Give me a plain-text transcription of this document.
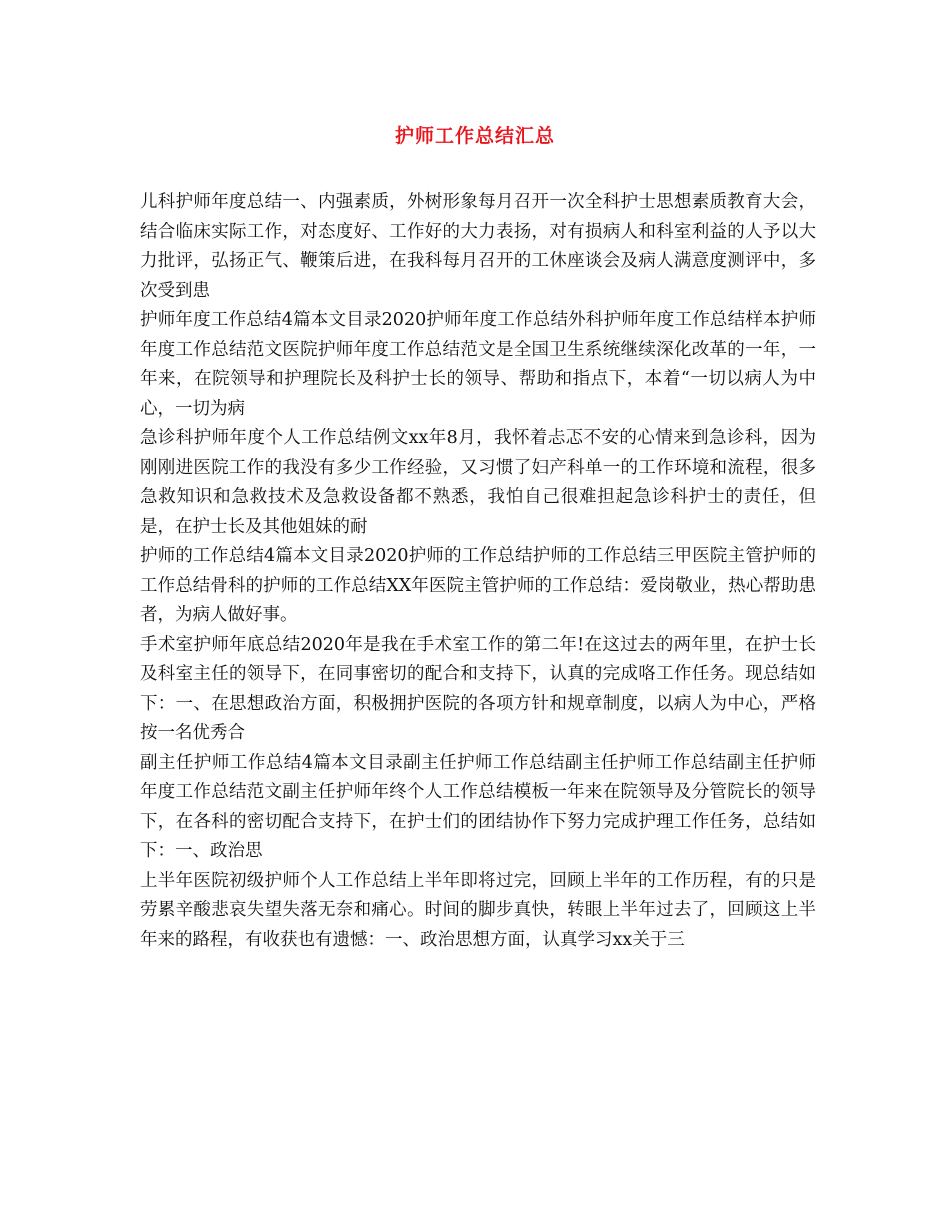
护师工作总结汇总

儿科护师年度总结一、内强素质，外树形象每月召开一次全科护士思想素质教育大会，结合临床实际工作，对态度好、工作好的大力表扬，对有损病人和科室利益的人予以大力批评，弘扬正气、鞭策后进，在我科每月召开的工休座谈会及病人满意度测评中，多次受到患

护师年度工作总结4篇本文目录2020护师年度工作总结外科护师年度工作总结样本护师年度工作总结范文医院护师年度工作总结范文是全国卫生系统继续深化改革的一年，一年来，在院领导和护理院长及科护士长的领导、帮助和指点下，本着“一切以病人为中心，一切为病

急诊科护师年度个人工作总结例文xx年8月，我怀着忐忑不安的心情来到急诊科，因为刚刚进医院工作的我没有多少工作经验，又习惯了妇产科单一的工作环境和流程，很多急救知识和急救技术及急救设备都不熟悉，我怕自己很难担起急诊科护士的责任，但是，在护士长及其他姐妹的耐

护师的工作总结4篇本文目录2020护师的工作总结护师的工作总结三甲医院主管护师的工作总结骨科的护师的工作总结XX年医院主管护师的工作总结：爱岗敬业，热心帮助患者，为病人做好事。

手术室护师年底总结2020年是我在手术室工作的第二年!在这过去的两年里，在护士长及科室主任的领导下，在同事密切的配合和支持下，认真的完成咯工作任务。现总结如下：一、在思想政治方面，积极拥护医院的各项方针和规章制度，以病人为中心，严格按一名优秀合

副主任护师工作总结4篇本文目录副主任护师工作总结副主任护师工作总结副主任护师年度工作总结范文副主任护师年终个人工作总结模板一年来在院领导及分管院长的领导下，在各科的密切配合支持下，在护士们的团结协作下努力完成护理工作任务，总结如下：一、政治思

上半年医院初级护师个人工作总结上半年即将过完，回顾上半年的工作历程，有的只是劳累辛酸悲哀失望失落无奈和痛心。时间的脚步真快，转眼上半年过去了，回顾这上半年来的路程，有收获也有遗憾：一、政治思想方面，认真学习xx关于三
